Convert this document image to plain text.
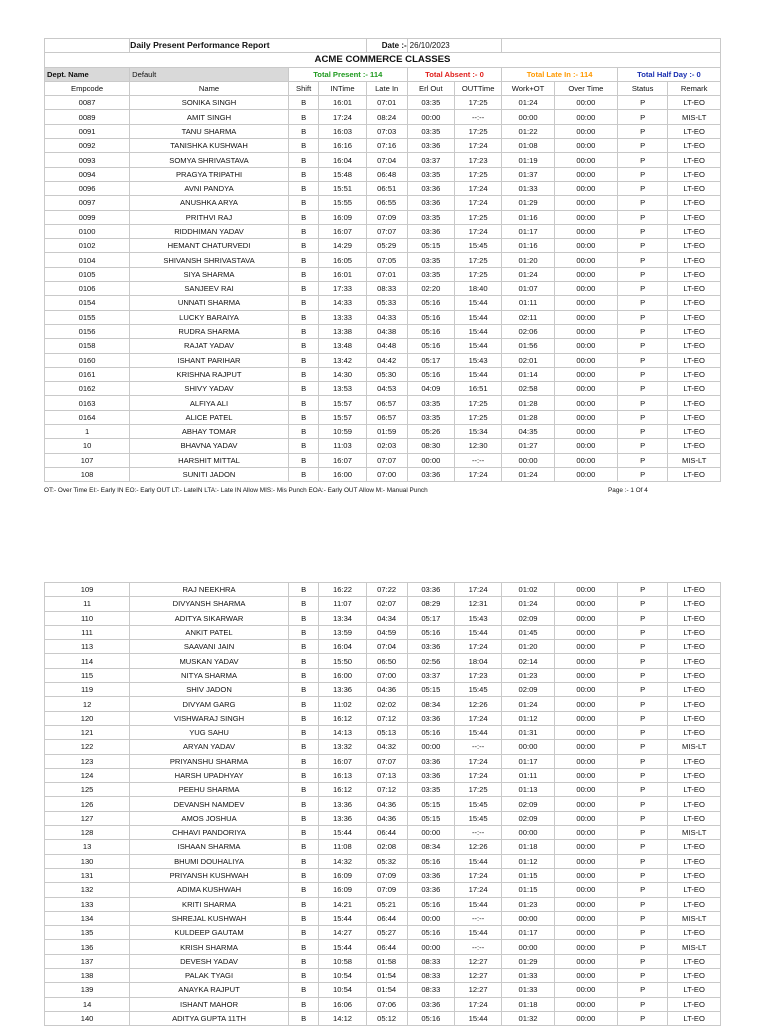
	Daily Present Performance Report			Date :-	26/10/2023					
ACME COMMERCE CLASSES										
Dept. Name	Default	Total Present :- 114			Total Absent :- 0		Total Late In :- 114		Total Half Day :- 0	
Empcode	Name	Shift	INTime	Late In	Erl Out	OUTTime	Work+OT	Over Time	Status	Remark
0087	SONIKA SINGH	B	16:01	07:01	03:35	17:25	01:24	00:00	P	LT-EO
0089	AMIT SINGH	B	17:24	08:24	00:00	--:--	00:00	00:00	P	MIS-LT
0091	TANU SHARMA	B	16:03	07:03	03:35	17:25	01:22	00:00	P	LT-EO
0092	TANISHKA KUSHWAH	B	16:16	07:16	03:36	17:24	01:08	00:00	P	LT-EO
0093	SOMYA SHRIVASTAVA	B	16:04	07:04	03:37	17:23	01:19	00:00	P	LT-EO
0094	PRAGYA TRIPATHI	B	15:48	06:48	03:35	17:25	01:37	00:00	P	LT-EO
0096	AVNI PANDYA	B	15:51	06:51	03:36	17:24	01:33	00:00	P	LT-EO
0097	ANUSHKA ARYA	B	15:55	06:55	03:36	17:24	01:29	00:00	P	LT-EO
0099	PRITHVI RAJ	B	16:09	07:09	03:35	17:25	01:16	00:00	P	LT-EO
0100	RIDDHIMAN YADAV	B	16:07	07:07	03:36	17:24	01:17	00:00	P	LT-EO
0102	HEMANT CHATURVEDI	B	14:29	05:29	05:15	15:45	01:16	00:00	P	LT-EO
0104	SHIVANSH SHRIVASTAVA	B	16:05	07:05	03:35	17:25	01:20	00:00	P	LT-EO
0105	SIYA SHARMA	B	16:01	07:01	03:35	17:25	01:24	00:00	P	LT-EO
0106	SANJEEV RAI	B	17:33	08:33	02:20	18:40	01:07	00:00	P	LT-EO
0154	UNNATI SHARMA	B	14:33	05:33	05:16	15:44	01:11	00:00	P	LT-EO
0155	LUCKY BARAIYA	B	13:33	04:33	05:16	15:44	02:11	00:00	P	LT-EO
0156	RUDRA SHARMA	B	13:38	04:38	05:16	15:44	02:06	00:00	P	LT-EO
0158	RAJAT YADAV	B	13:48	04:48	05:16	15:44	01:56	00:00	P	LT-EO
0160	ISHANT PARIHAR	B	13:42	04:42	05:17	15:43	02:01	00:00	P	LT-EO
0161	KRISHNA RAJPUT	B	14:30	05:30	05:16	15:44	01:14	00:00	P	LT-EO
0162	SHIVY YADAV	B	13:53	04:53	04:09	16:51	02:58	00:00	P	LT-EO
0163	ALFIYA ALI	B	15:57	06:57	03:35	17:25	01:28	00:00	P	LT-EO
0164	ALICE PATEL	B	15:57	06:57	03:35	17:25	01:28	00:00	P	LT-EO
1	ABHAY TOMAR	B	10:59	01:59	05:26	15:34	04:35	00:00	P	LT-EO
10	BHAVNA YADAV	B	11:03	02:03	08:30	12:30	01:27	00:00	P	LT-EO
107	HARSHIT MITTAL	B	16:07	07:07	00:00	--:--	00:00	00:00	P	MIS-LT
108	SUNITI JADON	B	16:00	07:00	03:36	17:24	01:24	00:00	P	LT-EO
OT:- Over Time EI:- Early IN EO:- Early OUT LT:- LateIN LTA:- Late IN Allow MIS:- Mis Punch EOA:- Early OUT Allow M:- Manual Punch	Page :- 1 Of 4
109	RAJ NEEKHRA	B	16:22	07:22	03:36	17:24	01:02	00:00	P	LT-EO
11	DIVYANSH SHARMA	B	11:07	02:07	08:29	12:31	01:24	00:00	P	LT-EO
110	ADITYA SIKARWAR	B	13:34	04:34	05:17	15:43	02:09	00:00	P	LT-EO
111	ANKIT PATEL	B	13:59	04:59	05:16	15:44	01:45	00:00	P	LT-EO
113	SAAVANI JAIN	B	16:04	07:04	03:36	17:24	01:20	00:00	P	LT-EO
114	MUSKAN YADAV	B	15:50	06:50	02:56	18:04	02:14	00:00	P	LT-EO
115	NITYA SHARMA	B	16:00	07:00	03:37	17:23	01:23	00:00	P	LT-EO
119	SHIV JADON	B	13:36	04:36	05:15	15:45	02:09	00:00	P	LT-EO
12	DIVYAM GARG	B	11:02	02:02	08:34	12:26	01:24	00:00	P	LT-EO
120	VISHWARAJ SINGH	B	16:12	07:12	03:36	17:24	01:12	00:00	P	LT-EO
121	YUG SAHU	B	14:13	05:13	05:16	15:44	01:31	00:00	P	LT-EO
122	ARYAN YADAV	B	13:32	04:32	00:00	--:--	00:00	00:00	P	MIS-LT
123	PRIYANSHU SHARMA	B	16:07	07:07	03:36	17:24	01:17	00:00	P	LT-EO
124	HARSH UPADHYAY	B	16:13	07:13	03:36	17:24	01:11	00:00	P	LT-EO
125	PEEHU SHARMA	B	16:12	07:12	03:35	17:25	01:13	00:00	P	LT-EO
126	DEVANSH NAMDEV	B	13:36	04:36	05:15	15:45	02:09	00:00	P	LT-EO
127	AMOS JOSHUA	B	13:36	04:36	05:15	15:45	02:09	00:00	P	LT-EO
128	CHHAVI PANDORIYA	B	15:44	06:44	00:00	--:--	00:00	00:00	P	MIS-LT
13	ISHAAN SHARMA	B	11:08	02:08	08:34	12:26	01:18	00:00	P	LT-EO
130	BHUMI DOUHALIYA	B	14:32	05:32	05:16	15:44	01:12	00:00	P	LT-EO
131	PRIYANSH KUSHWAH	B	16:09	07:09	03:36	17:24	01:15	00:00	P	LT-EO
132	ADIMA KUSHWAH	B	16:09	07:09	03:36	17:24	01:15	00:00	P	LT-EO
133	KRITI SHARMA	B	14:21	05:21	05:16	15:44	01:23	00:00	P	LT-EO
134	SHREJAL KUSHWAH	B	15:44	06:44	00:00	--:--	00:00	00:00	P	MIS-LT
135	KULDEEP GAUTAM	B	14:27	05:27	05:16	15:44	01:17	00:00	P	LT-EO
136	KRISH SHARMA	B	15:44	06:44	00:00	--:--	00:00	00:00	P	MIS-LT
137	DEVESH YADAV	B	10:58	01:58	08:33	12:27	01:29	00:00	P	LT-EO
138	PALAK TYAGI	B	10:54	01:54	08:33	12:27	01:33	00:00	P	LT-EO
139	ANAYKA RAJPUT	B	10:54	01:54	08:33	12:27	01:33	00:00	P	LT-EO
14	ISHANT MAHOR	B	16:06	07:06	03:36	17:24	01:18	00:00	P	LT-EO
140	ADITYA GUPTA 11TH	B	14:12	05:12	05:16	15:44	01:32	00:00	P	LT-EO
